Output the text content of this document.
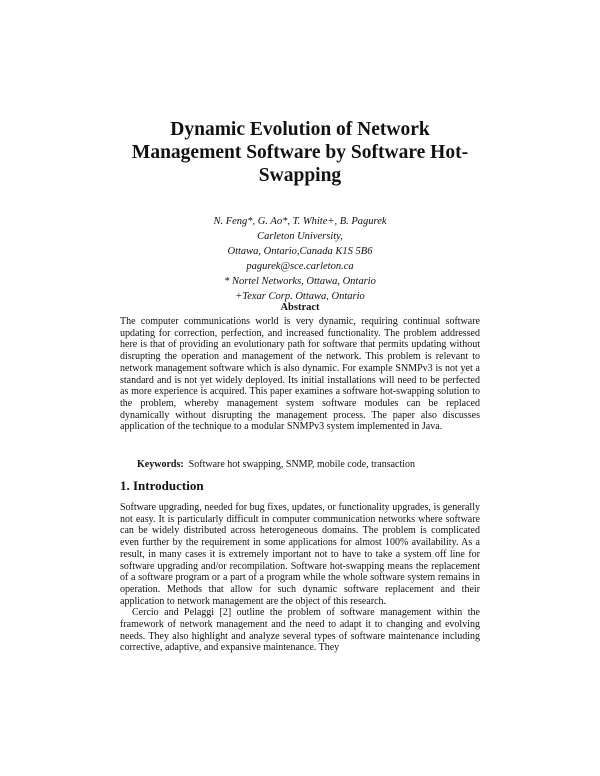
Dynamic Evolution of Network Management Software by Software Hot-Swapping
N. Feng*, G. Ao*, T. White+, B. Pagurek
Carleton University,
Ottawa, Ontario,Canada K1S 5B6
pagurek@sce.carleton.ca
* Nortel Networks, Ottawa, Ontario
+Texar Corp. Ottawa, Ontario
Abstract
The computer communications world is very dynamic, requiring continual software updating for correction, perfection, and increased functionality. The problem addressed here is that of providing an evolutionary path for software that permits updating without disrupting the operation and management of the network. This problem is relevant to network management software which is also dynamic. For example SNMPv3 is not yet a standard and is not yet widely deployed. Its initial installations will need to be perfected as more experience is acquired. This paper examines a software hot-swapping solution to the problem, whereby management system software modules can be replaced dynamically without disrupting the management process. The paper also discusses application of the technique to a modular SNMPv3 system implemented in Java.
Keywords: Software hot swapping, SNMP, mobile code, transaction
1. Introduction

Software upgrading, needed for bug fixes, updates, or functionality upgrades, is generally not easy. It is particularly difficult in computer communication networks where software can be widely distributed across heterogeneous domains. The problem is complicated even further by the requirement in some applications for almost 100% availability. As a result, in many cases it is extremely important not to have to take a system off line for software upgrading and/or recompilation. Software hot-swapping means the replacement of a software program or a part of a program while the whole software system remains in operation. Methods that allow for such dynamic software replacement and their application to network management are the object of this research.

Cercio and Pelaggi [2] outline the problem of software management within the framework of network management and the need to adapt it to changing and evolving needs. They also highlight and analyze several types of software maintenance including corrective, adaptive, and expansive maintenance. They
